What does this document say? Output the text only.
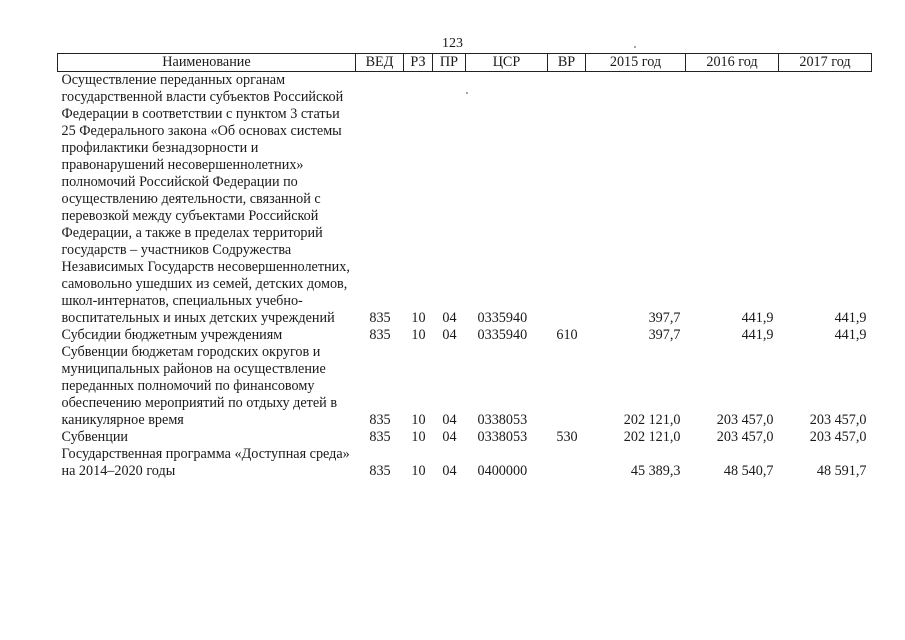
123
Наименование	ВЕД	РЗ	ПР	ЦСР	ВР	2015 год	2016 год	2017 год
Осуществление переданных органам государственной власти субъектов Российской Федерации в соответствии с пунктом 3 статьи 25 Федерального закона «Об основах системы профилактики безнадзорности и правонарушений несовершеннолетних» полномочий Российской Федерации по осуществлению деятельности, связанной с перевозкой между субъектами Российской Федерации, а также в пределах территорий государств – участников Содружества Независимых Государств несовершеннолетних, самовольно ушедших из семей, детских домов, школ-интернатов, специальных учебно-воспитательных и иных детских учреждений	835	10	04	0335940		397,7	441,9	441,9
Субсидии бюджетным учреждениям	835	10	04	0335940	610	397,7	441,9	441,9
Субвенции бюджетам городских округов и муниципальных районов на осуществление переданных полномочий по финансовому обеспечению мероприятий по отдыху детей в каникулярное время	835	10	04	0338053		202 121,0	203 457,0	203 457,0
Субвенции	835	10	04	0338053	530	202 121,0	203 457,0	203 457,0
Государственная программа «Доступная среда» на 2014–2020 годы	835	10	04	0400000		45 389,3	48 540,7	48 591,7
